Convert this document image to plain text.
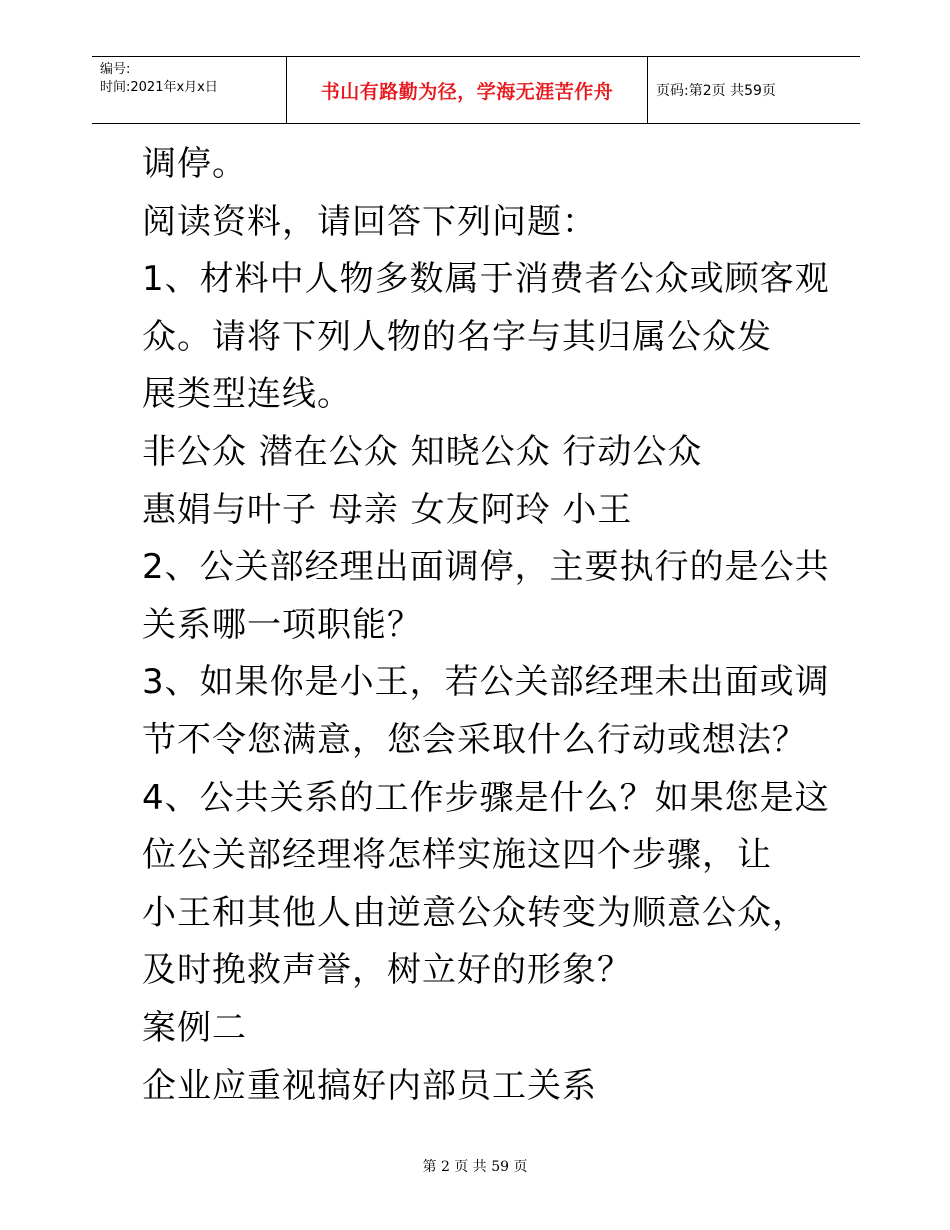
编号:
时间:2021年x月x日	书山有路勤为径，学海无涯苦作舟	页码:第2页 共59页
调停。
阅读资料，请回答下列问题：
1、材料中人物多数属于消费者公众或顾客观
众。请将下列人物的名字与其归属公众发
展类型连线。
非公众 潜在公众 知晓公众 行动公众
惠娟与叶子 母亲 女友阿玲 小王
2、公关部经理出面调停，主要执行的是公共
关系哪一项职能？
3、如果你是小王，若公关部经理未出面或调
节不令您满意，您会采取什么行动或想法？
4、公共关系的工作步骤是什么？如果您是这
位公关部经理将怎样实施这四个步骤，让
小王和其他人由逆意公众转变为顺意公众，
及时挽救声誉，树立好的形象？
案例二
企业应重视搞好内部员工关系
第 2 页 共 59 页
